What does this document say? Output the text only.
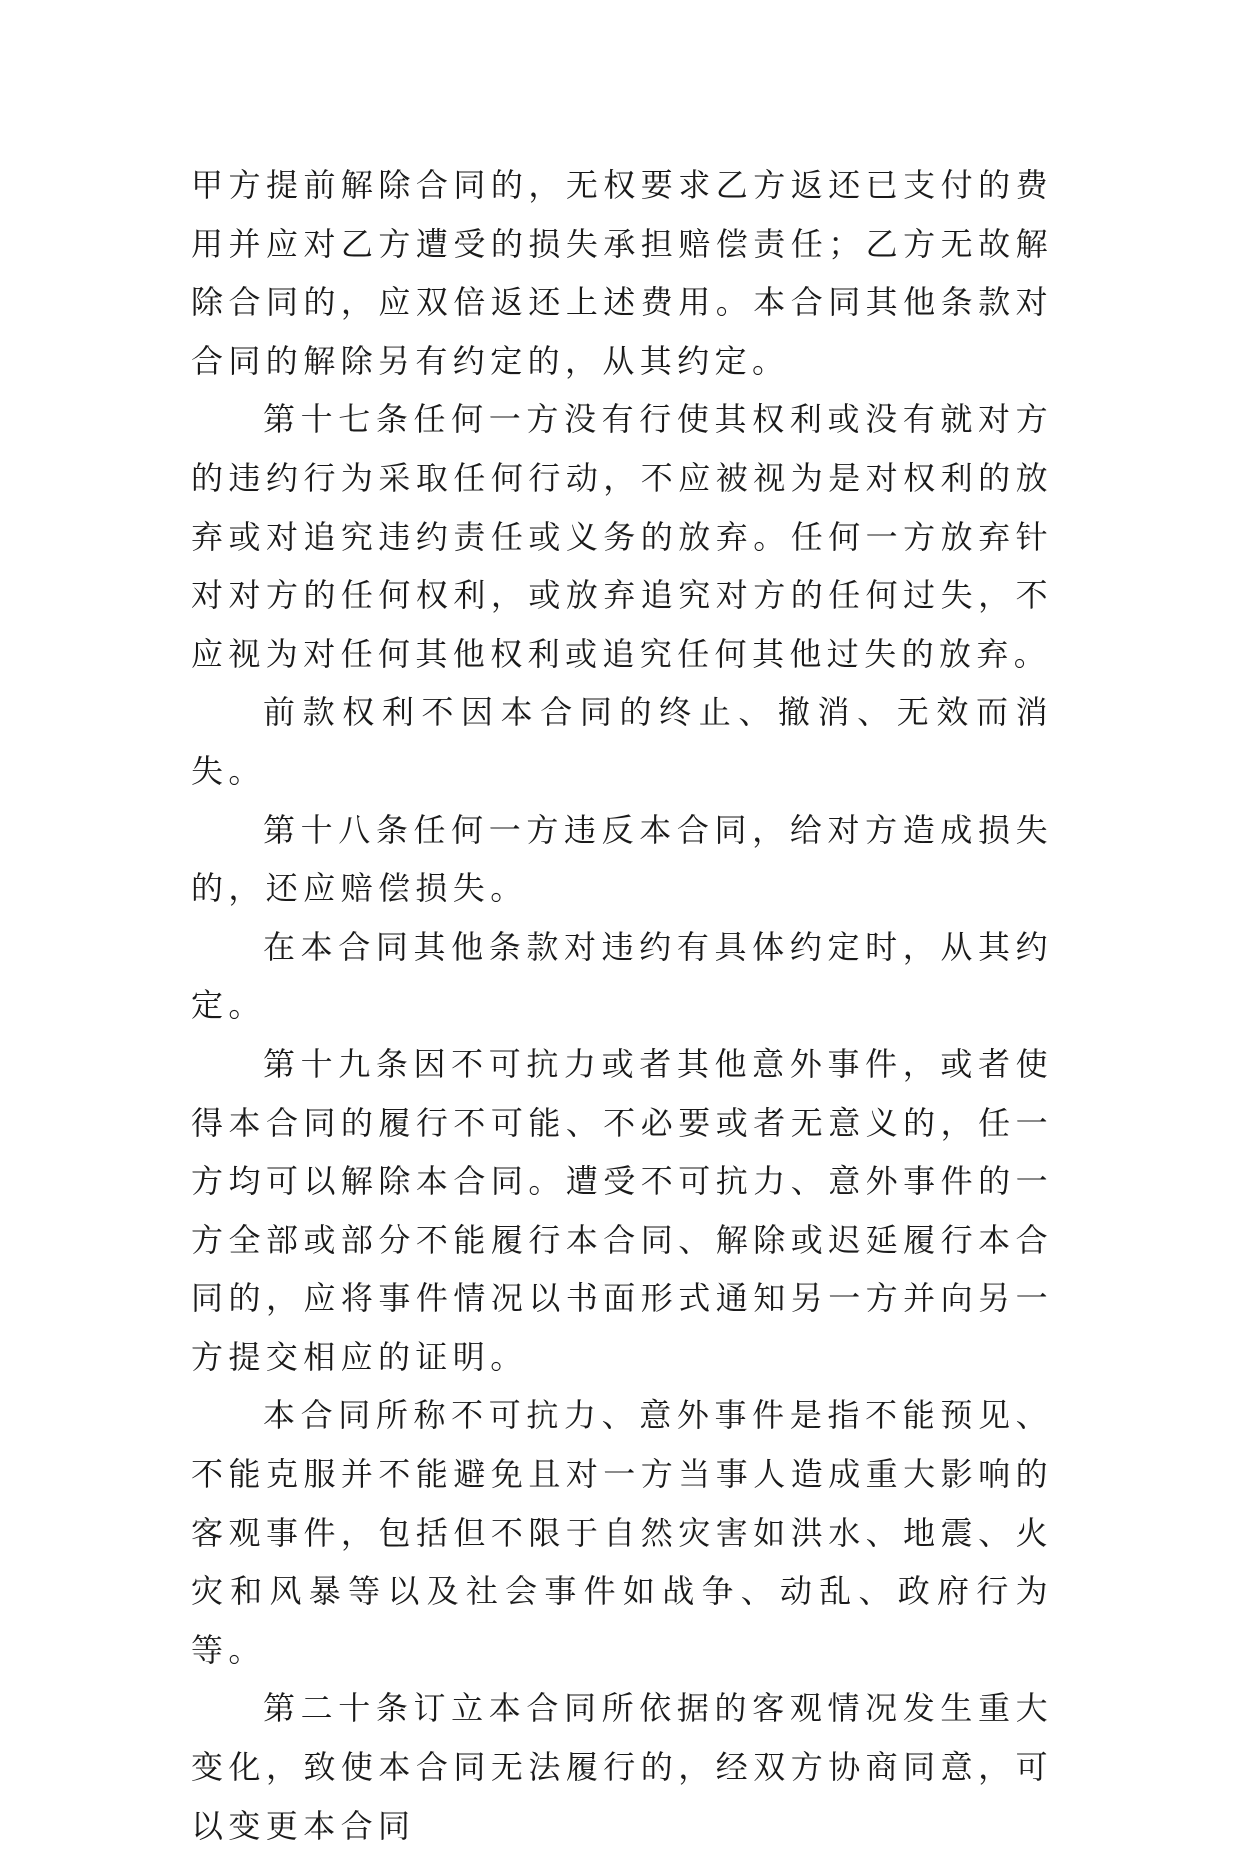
甲方提前解除合同的，无权要求乙方返还已支付的费用并应对乙方遭受的损失承担赔偿责任；乙方无故解除合同的，应双倍返还上述费用。本合同其他条款对合同的解除另有约定的，从其约定。

第十七条任何一方没有行使其权利或没有就对方的违约行为采取任何行动，不应被视为是对权利的放弃或对追究违约责任或义务的放弃。任何一方放弃针对对方的任何权利，或放弃追究对方的任何过失，不应视为对任何其他权利或追究任何其他过失的放弃。

前款权利不因本合同的终止、撤消、无效而消失。

第十八条任何一方违反本合同，给对方造成损失的，还应赔偿损失。

在本合同其他条款对违约有具体约定时，从其约定。

第十九条因不可抗力或者其他意外事件，或者使得本合同的履行不可能、不必要或者无意义的，任一方均可以解除本合同。遭受不可抗力、意外事件的一方全部或部分不能履行本合同、解除或迟延履行本合同的，应将事件情况以书面形式通知另一方并向另一方提交相应的证明。

本合同所称不可抗力、意外事件是指不能预见、不能克服并不能避免且对一方当事人造成重大影响的客观事件，包括但不限于自然灾害如洪水、地震、火灾和风暴等以及社会事件如战争、动乱、政府行为等。

第二十条订立本合同所依据的客观情况发生重大变化，致使本合同无法履行的，经双方协商同意，可以变更本合同
